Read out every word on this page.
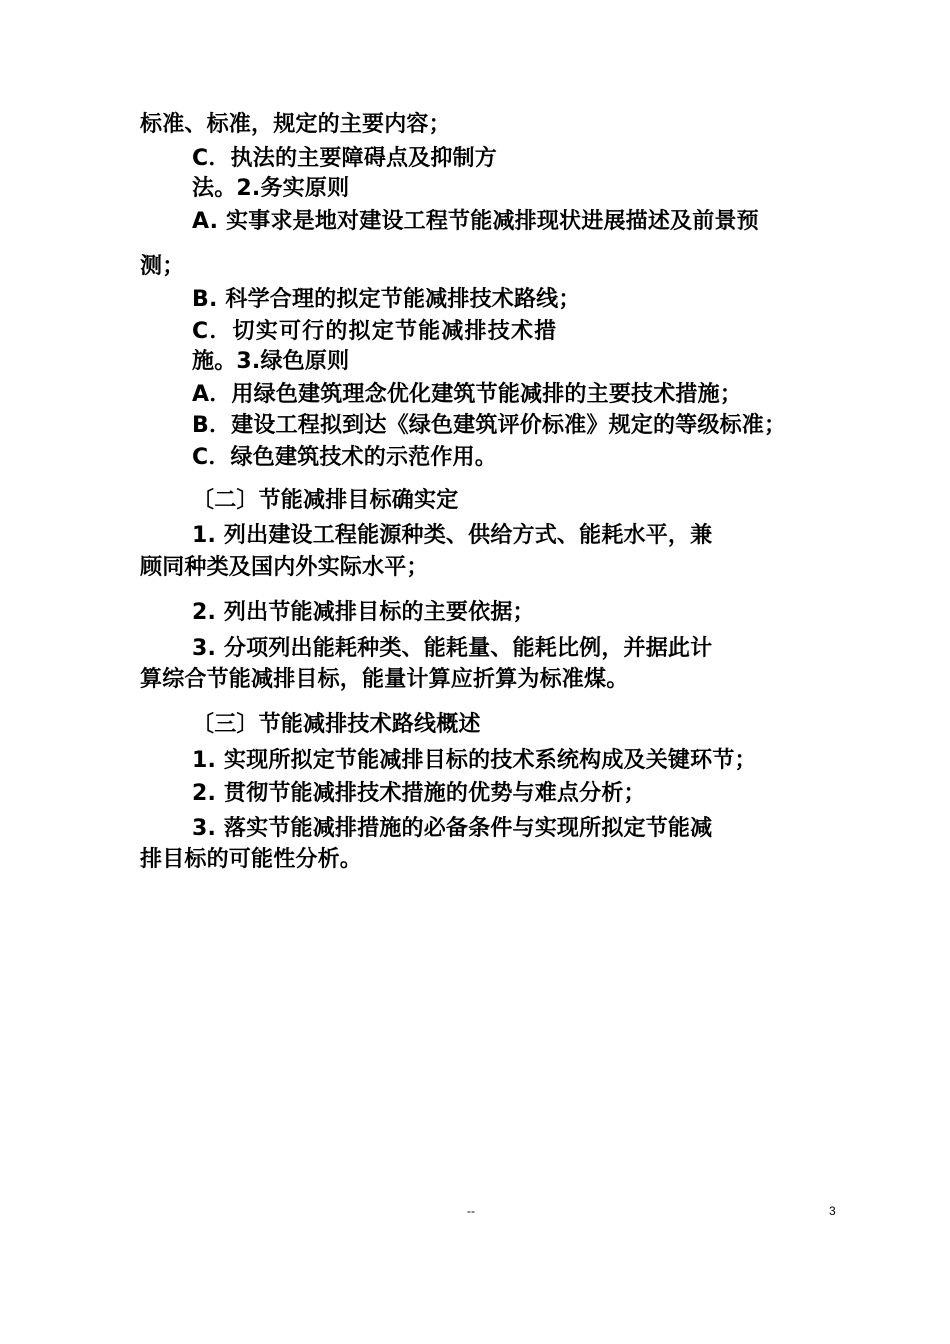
标准、标准，规定的主要内容；
C．执法的主要障碍点及抑制方
法。2.务实原则
A. 实事求是地对建设工程节能减排现状进展描述及前景预
测；
B. 科学合理的拟定节能减排技术路线；
C．切实可行的拟定节能减排技术措
施。3.绿色原则
A．用绿色建筑理念优化建筑节能减排的主要技术措施；
B．建设工程拟到达《绿色建筑评价标准》规定的等级标准；
C．绿色建筑技术的示范作用。
〔二〕节能减排目标确实定
1. 列出建设工程能源种类、供给方式、能耗水平，兼
顾同种类及国内外实际水平；
2. 列出节能减排目标的主要依据；
3. 分项列出能耗种类、能耗量、能耗比例，并据此计
算综合节能减排目标，能量计算应折算为标准煤。
〔三〕节能减排技术路线概述
1. 实现所拟定节能减排目标的技术系统构成及关键环节；
2. 贯彻节能减排技术措施的优势与难点分析；
3. 落实节能减排措施的必备条件与实现所拟定节能减
排目标的可能性分析。
--	3
